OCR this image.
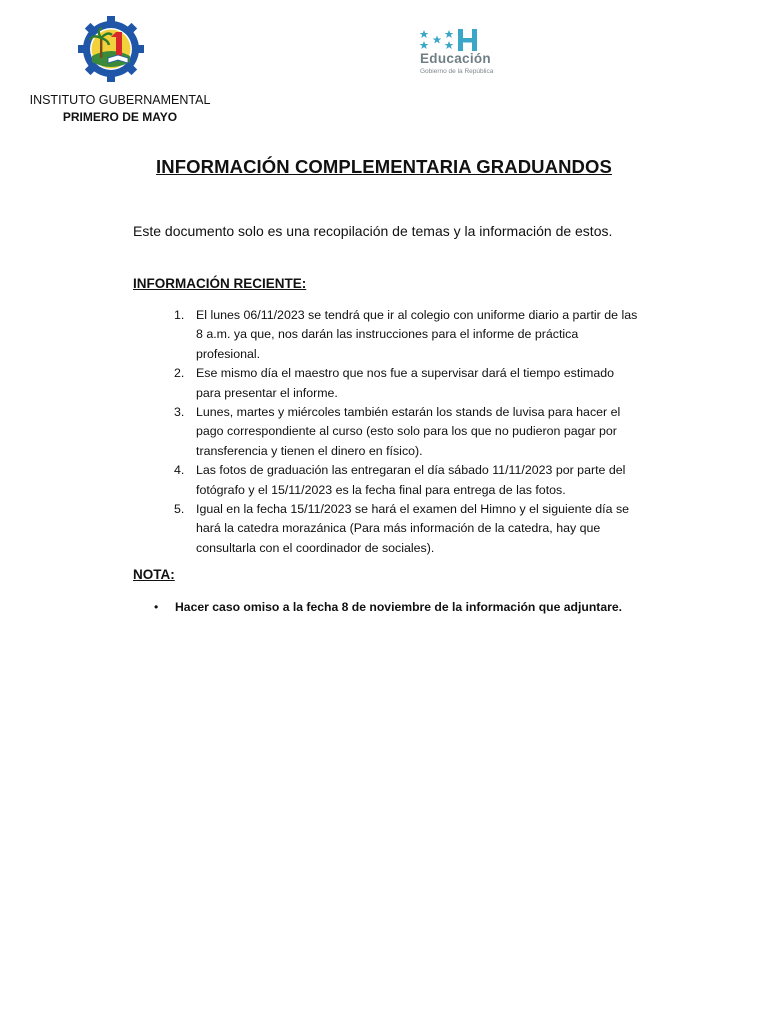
INSTITUTO GUBERNAMENTAL
PRIMERO DE MAYO
Educación
Gobierno de la República
INFORMACIÓN COMPLEMENTARIA GRADUANDOS
Este documento solo es una recopilación de temas y la información de estos.
INFORMACIÓN RECIENTE:
1. El lunes 06/11/2023 se tendrá que ir al colegio con uniforme diario a partir de las 8 a.m. ya que, nos darán las instrucciones para el informe de práctica profesional.
2. Ese mismo día el maestro que nos fue a supervisar dará el tiempo estimado para presentar el informe.
3. Lunes, martes y miércoles también estarán los stands de luvisa para hacer el pago correspondiente al curso (esto solo para los que no pudieron pagar por transferencia y tienen el dinero en físico).
4. Las fotos de graduación las entregaran el día sábado 11/11/2023 por parte del fotógrafo y el 15/11/2023 es la fecha final para entrega de las fotos.
5. Igual en la fecha 15/11/2023 se hará el examen del Himno y el siguiente día se hará la catedra morazánica (Para más información de la catedra, hay que consultarla con el coordinador de sociales).
NOTA:
• Hacer caso omiso a la fecha 8 de noviembre de la información que adjuntare.
